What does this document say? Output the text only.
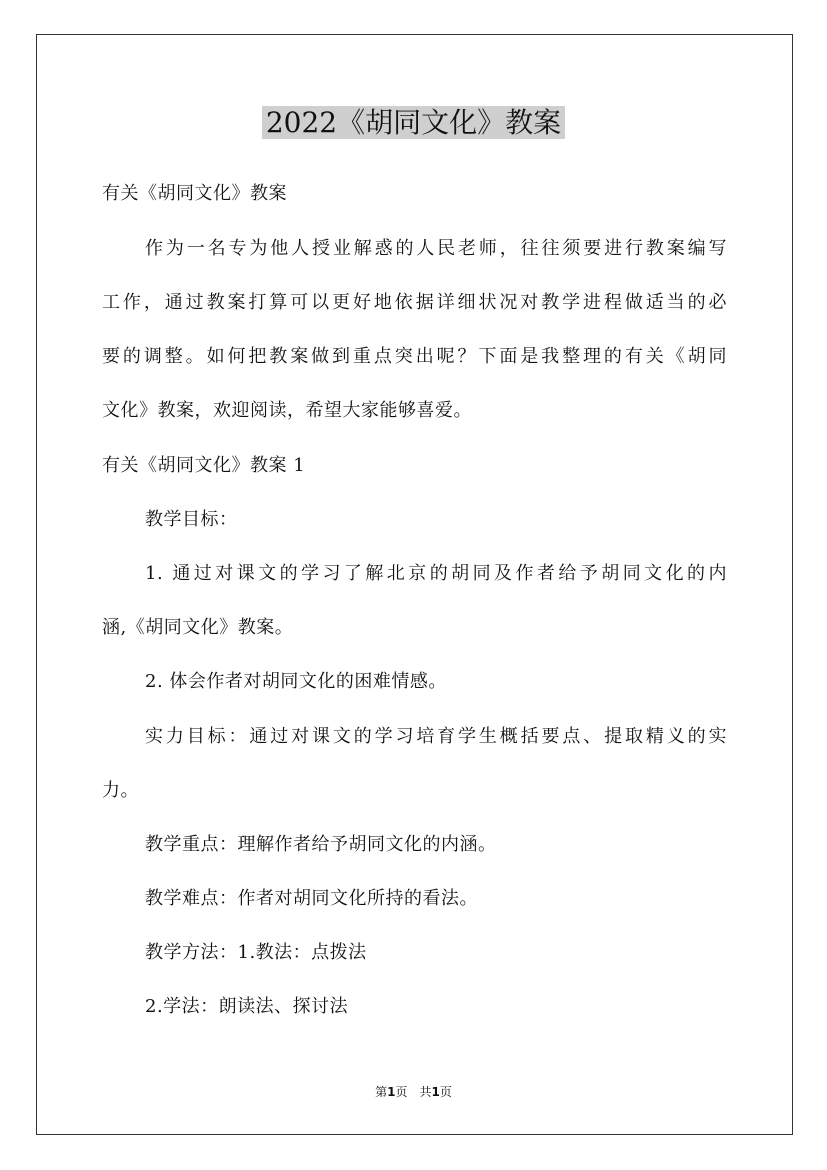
2022《胡同文化》教案
有关《胡同文化》教案
作为一名专为他人授业解惑的人民老师，往往须要进行教案编写
工作，通过教案打算可以更好地依据详细状况对教学进程做适当的必
要的调整。如何把教案做到重点突出呢？下面是我整理的有关《胡同
文化》教案，欢迎阅读，希望大家能够喜爱。
有关《胡同文化》教案 1
教学目标：
1. 通过对课文的学习了解北京的胡同及作者给予胡同文化的内
涵,《胡同文化》教案。
2. 体会作者对胡同文化的困难情感。
实力目标：通过对课文的学习培育学生概括要点、提取精义的实
力。
教学重点：理解作者给予胡同文化的内涵。
教学难点：作者对胡同文化所持的看法。
教学方法：1.教法：点拨法
2.学法：朗读法、探讨法
第1页　共1页
